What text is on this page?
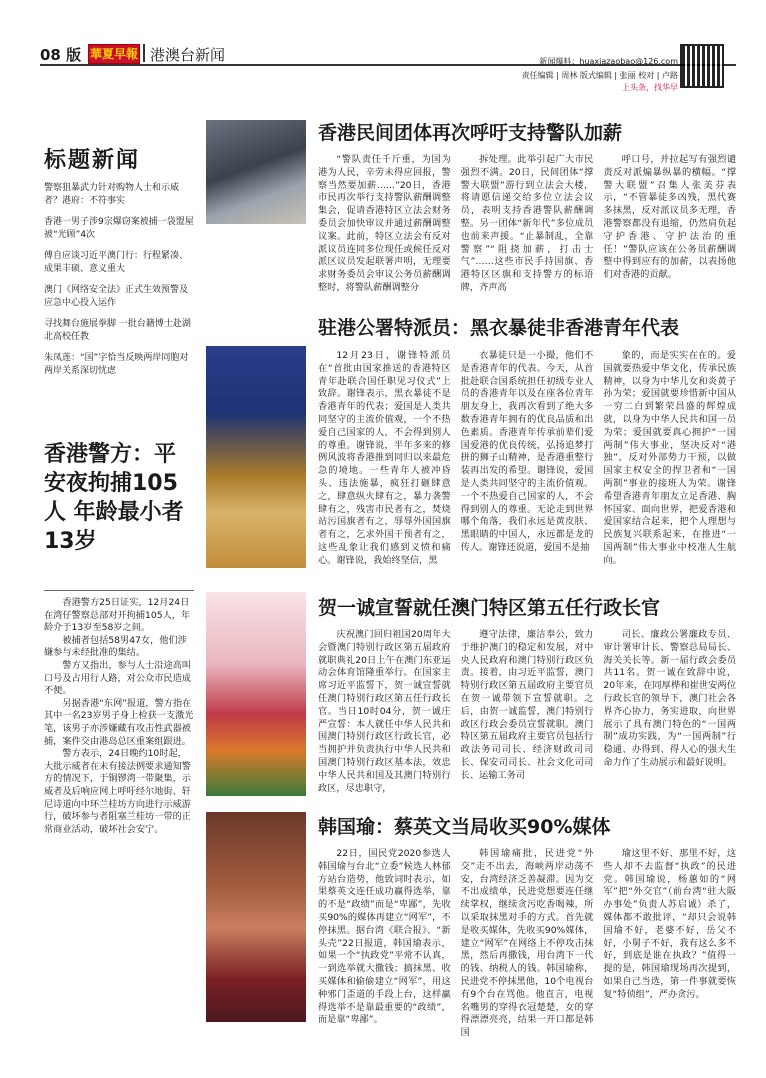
08 版 華夏早報 港澳台新闻	新闻爆料：huaxiazaobao@126.com
责任编辑 | 周林 版式编辑 | 张丽 校对 | 卢路
上头条，找华早
标题新闻
警察狙暴武力针对购物人士和示威者？港府：不符事实
香港一男子涉9宗爆窃案被捕一袋盟屋被“光顾”4次
傅自应谈习近平澳门行：行程紧凑、成果丰硕、意义重大
澳门《网络安全法》正式生效预警及应急中心投入运作
寻找舞台施展拳脚 一批台籍博士赴湖北高校任教
朱凤莲：“国”字恰当反映两岸同胞对两岸关系深切忧虑
香港警方：平安夜拘捕105人 年龄最小者13岁

香港警方25日证实，12月24日在湾仔警察总部对开拘捕105人，年龄介于13岁至58岁之间。

被捕者包括58男47女，他们涉嫌参与未经批准的集结。

警方又指出，参与人士沿途高叫口号及占用行人路，对公众市民造成不便。

另据香港“东网”报道，警方指在其中一名23岁男子身上检获一支激光笔，该男子亦涉嫌藏有攻击性武器被捕，案件交由港岛总区重案组跟进。

警方表示，24日晚约10时起，大批示威者在未有接法例要求通知警方的情况下，于铜锣湾一带聚集，示威者及后响应网上呼吁经尔地街、轩尼诗道向中环兰桂坊方向进行示威游行，破坏参与者阻塞兰桂坊一带的正常商业活动，破坏社会安宁。

香港民间团体再次呼吁支持警队加薪

“警队责任千斤重，为国为港为人民，辛劳未得应回报，警察当然要加薪……”20日，香港市民再次举行支持警队薪酬调整集会，促请香港特区立法会财务委员会加快审议并通过薪酬调整议案。此前，特区立法会有反对派议员连同多位现任或候任反对派区议员发起联署声明，无理要求财务委员会审议公务员薪酬调整时，将警队薪酬调整分

拆处理。此举引起广大市民强烈不满。20日，民间团体“撑警大联盟”游行到立法会大楼，将请愿信递交给多位立法会议员，表明支持香港警队薪酬调整。另一团体“新年代”多位成员也前来声援。“止暴制乱，全靠警察”“阻挠加薪，打击士气”……这些市民手持国旗、香港特区区旗和支持警方的标语牌，齐声高

呼口号，并拉起写有强烈谴责反对派煽暴纵暴的横幅。“撑警大联盟”召集人张美芬表示，“不管暴徒多凶残，黑代赛多抹黑，反对派议员多无理，香港警察都没有退缩，仍然肩负起守护香港、守护法治的重任！”警队应该在公务员薪酬调整中得到应有的加薪，以表扬他们对香港的贡献。

驻港公署特派员：黑衣暴徒非香港青年代表

12月23日，谢锋特派员在“首批由国家推送的香港特区青年赴联合国任职见习仪式”上致辞。谢锋表示，黑衣暴徒不是香港青年的代表；爱国是人类共同坚守的主流价值观，一个不热爱自己国家的人，不会得到别人的尊重。谢锋说，半年多来的修例风波将香港推到同归以来最危急的境地。一些青年人被冲昏头、违法施暴，疯狂打砸肆意之，肆意纵火肆有之，暴力袭警肆有之，残害市民者有之，焚烧站污国旗者有之，辱辱外国国旗者有之，乞求外国干预者有之，这些乱象让我们感到义愤和痛心。谢锋说，我始终坚信，黑

衣暴徒只是一小撮，他们不是香港青年的代表。今天，从首批赴联合国系统担任初级专业人员的香港青年以及在座各位青年朋友身上，我再次看到了绝大多数香港青年拥有的优良品质和出色素质。香港青年传承前辈们爱国爱港的优良传统，弘扬追梦打拼的狮子山精神，是香港重整行装再出发的希望。谢锋说，爱国是人类共同坚守的主流价值观。一个不热爱自己国家的人，不会得到别人的尊重。无论走到世界哪个角落，我们永远是黄皮肤、黑眼睛的中国人，永远都是龙的传人。谢锋还说道，爱国不是抽

象的，而是实实在在的。爱国就要热爱中华文化，传承民族精神，以身为中华儿女和炎黄子孙为荣；爱国就要珍惜新中国从一穷二白到繁荣昌盛的辉煌成就，以身为中华人民共和国一员为荣；爱国就要真心拥护“一国两制”伟大事业，坚决反对“港独”，反对外部势力干预，以做国家主权安全的捍卫者和“一国两制”事业的接班人为荣。谢锋希望香港青年朋友立足香港、胸怀国家、面向世界，把爱香港和爱国家结合起来，把个人理想与民族复兴联系起来，在推进“一国两制”伟大事业中校准人生航向。

贺一诚宣誓就任澳门特区第五任行政长官

庆祝澳门回归祖国20周年大会暨澳门特别行政区第五届政府就职典礼20日上午在澳门东亚运动会体育馆隆重举行。在国家主席习近平监誓下，贺一诚宣誓就任澳门特别行政区第五任行政长官。当日10时04分，贺一诚庄严宣誓：本人就任中华人民共和国澳门特别行政区行政长官，必当拥护并负责执行中华人民共和国澳门特别行政区基本法，效忠中华人民共和国及其澳门特别行政区，尽忠职守，

遵守法律，廉洁奉公，致力于维护澳门的稳定和发展，对中央人民政府和澳门特别行政区负责。接着，由习近平监誓，澳门特别行政区第五届政府主要官员在贺一诚带领下宣誓就职。之后，由贺一诚监誓，澳门特别行政区行政会委员宣誓就职。澳门特区第五届政府主要官员包括行政法务司司长、经济财政司司长、保安司司长、社会文化司司长、运输工务司

司长、廉政公署廉政专员、审计署审计长、警察总局局长、海关关长等。新一届行政会委员共11名。贺一诚在致辞中说，20年来，在同厚桦和崔世安两位行政长官的领导下，澳门社会各界齐心协力，务实进取，向世界展示了具有澳门特色的“一国两制”成功实践，为“一国两制”行稳通、办得到、得人心的强大生命力作了生动展示和最好说明。

韩国瑜：蔡英文当局收买90%媒体

22日，国民党2020参选人韩国瑜与台北“立委”候选人林郁方站台造势，他致词时表示，如果蔡英文连任成功赢得选举，靠的不是“政绩”而是“卑鄙”，先收买90%的媒体再建立“网军”，不停抹黑。据台湾《联合报》、“新头壳”22日报道，韩国瑜表示，如果一个“执政党”平常不认真，一到选举就大撒钱；搞抹黑、收买媒体和偷偷建立“网军”，用这种邪门歪道的手段上台，这样赢得选举不是靠最重要的“政绩”，而是靠“卑鄙”。

韩国瑜痛批，民进党“外交”走不出去，海峡两岸动荡不安，台湾经济乏善凝滞。因为交不出成绩单，民进党想要连任继续掌权，继续贪污吃香喝辣，所以采取抹黑对手的方式。首先就是收买媒体，先收买90%媒体，建立“网军”在网络上不停攻击抹黑，然后再撒钱，用台湾下一代的钱、纳税人的钱。韩国瑜称，民进党不停抹黑他，10个电视台有9个台在骂他。他直言，电视名嘴男的穿得衣冠楚楚，女的穿得漂漂亮亮，结果一开口都是韩国

瑜这里不好、那里不好，这些人却不去监督“执政”的民进党。韩国瑜说，杨蕙如的“网军”把“外交官”（前台湾“驻大阪办事处”负责人苏启诚）杀了，媒体都不敢批评，“却只会说韩国瑜不好，老婆不好，岳父不好，小舅子不好，我有这么多不好，到底是谁在执政？”值得一提的是，韩国瑜现场再次提到，如果自己当选，第一件事就要恢复“特侦组”，严办贪污。
